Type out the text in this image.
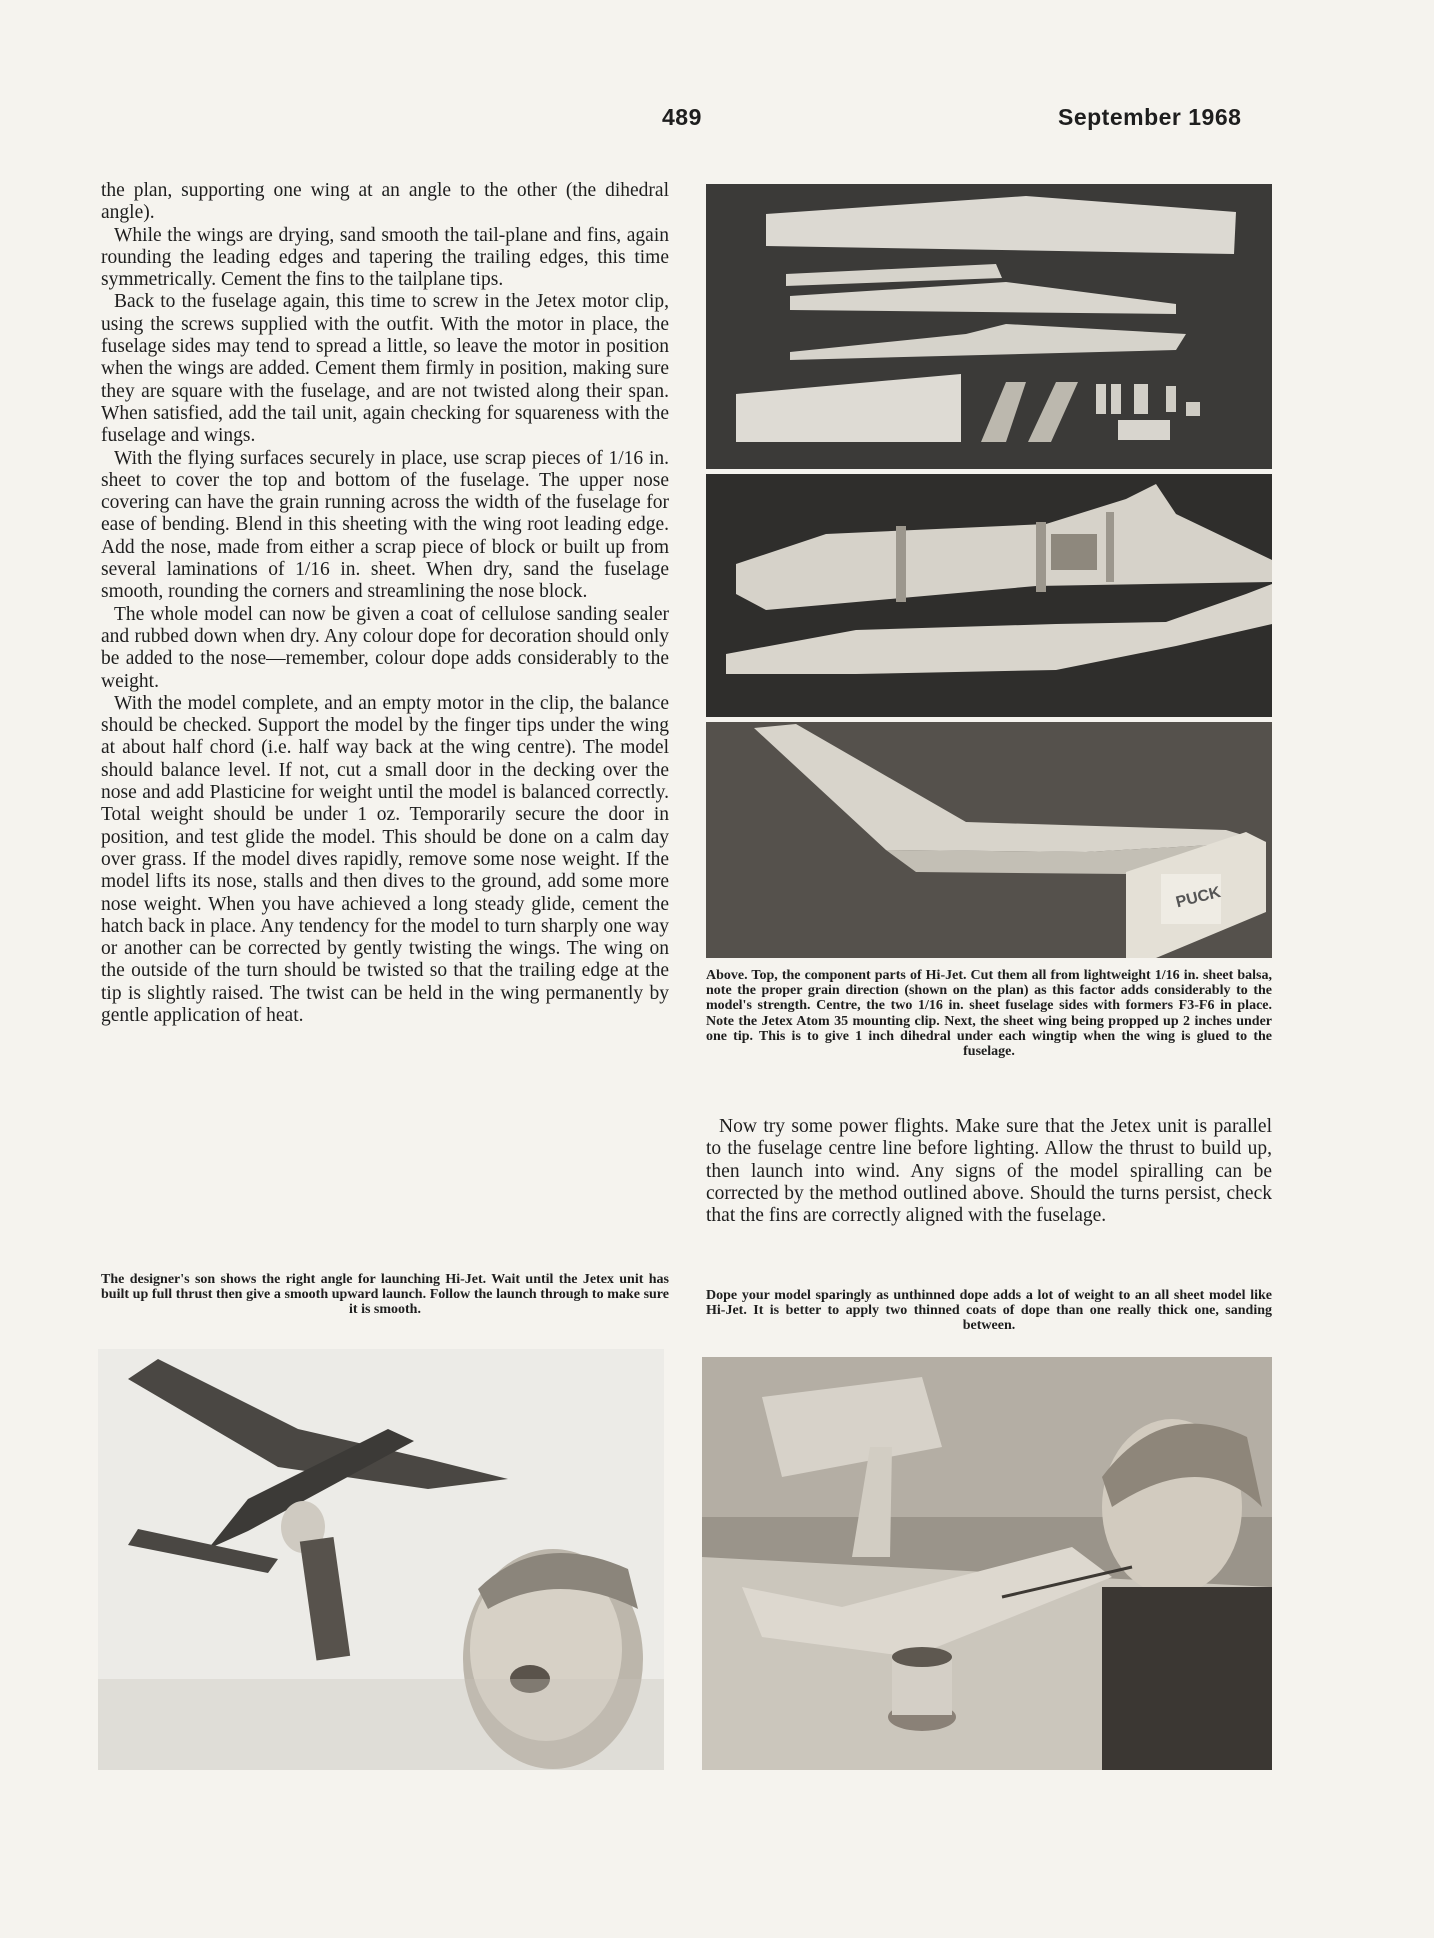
489	September 1968

the plan, supporting one wing at an angle to the other (the dihedral angle).

While the wings are drying, sand smooth the tail-plane and fins, again rounding the leading edges and tapering the trailing edges, this time symmetrically. Cement the fins to the tailplane tips.

Back to the fuselage again, this time to screw in the Jetex motor clip, using the screws supplied with the outfit. With the motor in place, the fuselage sides may tend to spread a little, so leave the motor in position when the wings are added. Cement them firmly in position, making sure they are square with the fuselage, and are not twisted along their span. When satisfied, add the tail unit, again checking for squareness with the fuselage and wings.

With the flying surfaces securely in place, use scrap pieces of 1/16 in. sheet to cover the top and bottom of the fuselage. The upper nose covering can have the grain running across the width of the fuselage for ease of bending. Blend in this sheeting with the wing root leading edge. Add the nose, made from either a scrap piece of block or built up from several laminations of 1/16 in. sheet. When dry, sand the fuselage smooth, rounding the corners and streamlining the nose block.

The whole model can now be given a coat of cellulose sanding sealer and rubbed down when dry. Any colour dope for decoration should only be added to the nose—remember, colour dope adds considerably to the weight.

With the model complete, and an empty motor in the clip, the balance should be checked. Support the model by the finger tips under the wing at about half chord (i.e. half way back at the wing centre). The model should balance level. If not, cut a small door in the decking over the nose and add Plasticine for weight until the model is balanced correctly. Total weight should be under 1 oz. Temporarily secure the door in position, and test glide the model. This should be done on a calm day over grass. If the model dives rapidly, remove some nose weight. If the model lifts its nose, stalls and then dives to the ground, add some more nose weight. When you have achieved a long steady glide, cement the hatch back in place. Any tendency for the model to turn sharply one way or another can be corrected by gently twisting the wings. The wing on the outside of the turn should be twisted so that the trailing edge at the tip is slightly raised. The twist can be held in the wing permanently by gentle application of heat.

The designer's son shows the right angle for launching Hi-Jet. Wait until the Jetex unit has built up full thrust then give a smooth upward launch. Follow the launch through to make sure it is smooth.

PUCK

Above. Top, the component parts of Hi-Jet. Cut them all from lightweight 1/16 in. sheet balsa, note the proper grain direction (shown on the plan) as this factor adds considerably to the model's strength. Centre, the two 1/16 in. sheet fuselage sides with formers F3-F6 in place. Note the Jetex Atom 35 mounting clip. Next, the sheet wing being propped up 2 inches under one tip. This is to give 1 inch dihedral under each wingtip when the wing is glued to the fuselage.

Now try some power flights. Make sure that the Jetex unit is parallel to the fuselage centre line before lighting. Allow the thrust to build up, then launch into wind. Any signs of the model spiralling can be corrected by the method outlined above. Should the turns persist, check that the fins are correctly aligned with the fuselage.

Dope your model sparingly as unthinned dope adds a lot of weight to an all sheet model like Hi-Jet. It is better to apply two thinned coats of dope than one really thick one, sanding between.
